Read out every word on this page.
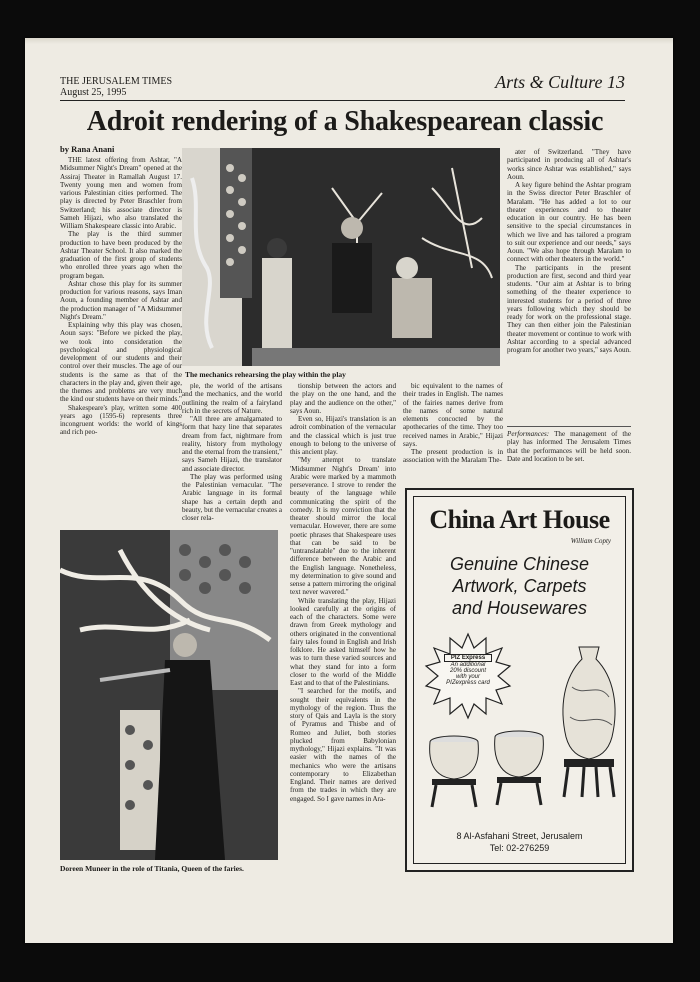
THE JERUSALEM TIMES
August 25, 1995
Arts & Culture 13
Adroit rendering of a Shakespearean classic
by Rana Anani

THE latest offering from Ashtar, "A Midsummer Night's Dream" opened at the Assiraj Theater in Ramallah August 17. Twenty young men and women from various Palestinian cities performed. The play is directed by Peter Braschler from Switzerland; his associate director is Sameh Hijazi, who also translated the William Shakespeare classic into Arabic.

The play is the third summer production to have been produced by the Ashtar Theater School. It also marked the graduation of the first group of students who enrolled three years ago when the program began.

Ashtar chose this play for its summer production for various reasons, says Iman Aoun, a founding member of Ashtar and the production manager of "A Midsummer Night's Dream."

Explaining why this play was chosen, Aoun says: "Before we picked the play, we took into consideration the psychological and physiological development of our students and their control over their muscles. The age of our students is the same as that of the characters in the play and, given their age, the themes and problems are very much the kind our students have on their minds."

Shakespeare's play, written some 400 years ago (1595-6) represents three incongruent worlds: the world of kings and rich peo-

The mechanics rehearsing the play within the play

ple, the world of the artisans and the mechanics, and the world outlining the realm of a fairyland rich in the secrets of Nature.

"All three are amalgamated to form that hazy line that separates dream from fact, nightmare from reality, history from mythology and the eternal from the transient," says Sameh Hijazi, the translator and associate director.

The play was performed using the Palestinian vernacular. "The Arabic language in its formal shape has a certain depth and beauty, but the vernacular creates a closer rela-

tionship between the actors and the play on the one hand, and the play and the audience on the other," says Aoun.

Even so, Hijazi's translation is an adroit combination of the vernacular and the classical which is just true enough to belong to the universe of this ancient play.

"My attempt to translate 'Midsummer Night's Dream' into Arabic were marked by a mammoth perseverance. I strove to render the beauty of the language while communicating the spirit of the comedy. It is my conviction that the theater should mirror the local vernacular. However, there are some poetic phrases that Shakespeare uses that can be said to be "untranslatable" due to the inherent difference between the Arabic and the English language. Nonetheless, my determination to give sound and sense a pattern mirroring the original text never wavered."

While translating the play, Hijazi looked carefully at the origins of each of the characters. Some were drawn from Greek mythology and others originated in the conventional fairy tales found in English and Irish folklore. He asked himself how he was to turn these varied sources and what they stand for into a form closer to the world of the Middle East and to that of the Palestinians.

"I searched for the motifs, and sought their equivalents in the mythology of the region. Thus the story of Qais and Layla is the story of Pyramus and Thisbe and of Romeo and Juliet, both stories plucked from Babylonian mythology," Hijazi explains. "It was easier with the names of the mechanics who were the artisans contemporary to Elizabethan England. Their names are derived from the trades in which they are engaged. So I gave names in Ara-

bic equivalent to the names of their trades in English. The names of the fairies names derive from the names of some natural elements concocted by the apothecaries of the time. They too received names in Arabic," Hijazi says.

The present production is in association with the Maralam The-

ater of Switzerland. "They have participated in producing all of Ashtar's works since Ashtar was established," says Aoun.

A key figure behind the Ashtar program in the Swiss director Peter Braschler of Maralam. "He has added a lot to our theater experiences and to theater education in our country. He has been sensitive to the special circumstances in which we live and has tailored a program to suit our experience and our needs," says Aoun. "We also hope through Maralam to connect with other theaters in the world."

The participants in the present production are first, second and third year students. "Our aim at Ashtar is to bring something of the theater experience to interested students for a period of three years following which they should be ready for work on the professional stage. They can then either join the Palestinian theater movement or continue to work with Ashtar according to a special advanced program for another two years," says Aoun.

Performances: The management of the play has informed The Jerusalem Times that the performances will be held soon. Date and location to be set.

Doreen Muneer in the role of Titania, Queen of the faries.
China Art House
William Copty
Genuine Chinese
Artwork, Carpets
and Housewares
PIZ Express
An additional
20% discount
with your
PIZexpress card
8 Al-Asfahani Street, Jerusalem
Tel: 02-276259
